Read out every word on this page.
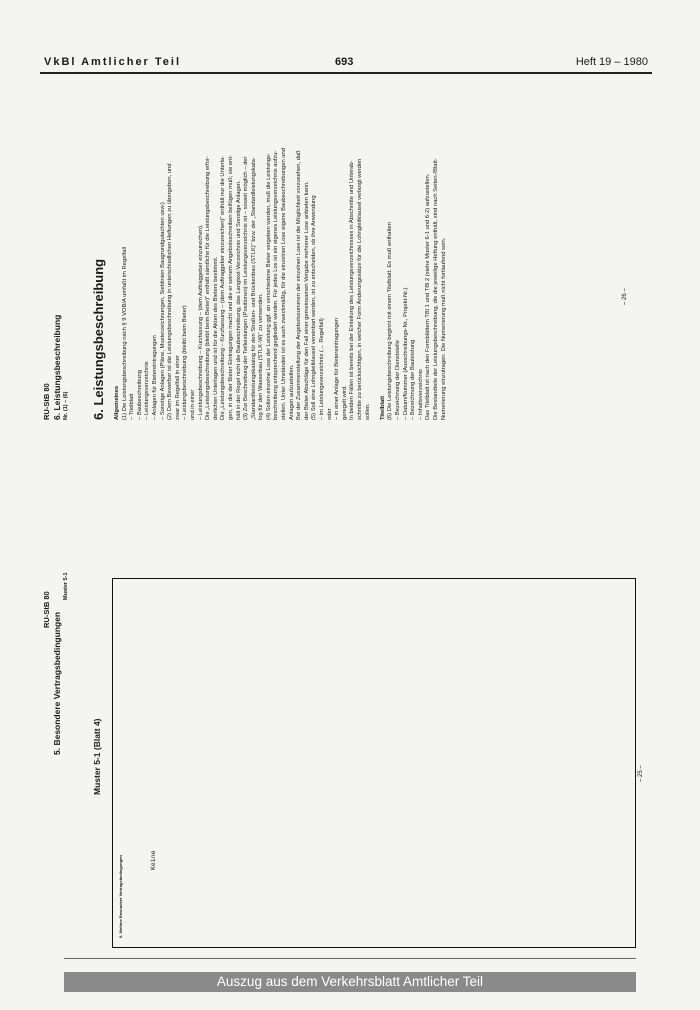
VkBl Amtlicher Teil	693	Heft 19 – 1980
RU-StB 80
5. Besondere Vertragsbedingungen
Muster 5-1
Muster 5-1 (Blatt 4)
6. Weitere Besondere Vertragsbedingungen	Keine
– 25 –
RU-StB 80 6. Leistungsbeschreibung Nr. (1) – (6) 6. Leistungsbeschreibung Allgemeines (1) Die Leistungsbeschreibung nach § 9 VOB/A umfaßt im Regelfall – Titelblatt – Baubeschreibung – Leistungsverzeichnis – Anlagen für Bietereintragungen – Sonstige Anlagen (Pläne, Musterzeichnungen, Sieblinien Baugrundgutachten usw.) (2) Dem Bewerber ist die Leistungsbeschreibung in unterschiedlichen Heftungen zu übergeben, und zwar im Regelfall in einer – Leistungsbeschreibung (bleibt beim Bieter) und in einer – Leistungsbeschreibung – Kurzfassung – (dem Auftraggeber einzureichen). Die „Leistungsbeschreibung (bleibt beim Bieter)" enthält sämtliche für die Leistungsbeschreibung erfor- derlichen Unterlagen und ist für die Akten des Bieters bestimmt. Die „Leistungsbeschreibung – Kurzfassung – (dem Auftraggeber einzureichen)" enthält nur die Unterla- gen, in die der Bieter Eintragungen macht und die er seinem Angebotsschreiben beifügen muß; sie ent- hält in der Regel nicht die Baubeschreibung, das Langtext-Verzeichnis und Sonstige Anlagen. (3) Zur Beschreibung der Teilleistungen (Positionen) im Leistungsverzeichnis ist – soweit möglich – der „Standardleistungskatalog für den Straßen- und Brückenbau (STLK)" bzw. der „Standardleistungskata- log für den Wasserbau (STLK-W)" zu verwenden. (4) Sollen einzelne Lose der Leistung ggf. an verschiedene Bieter vergeben werden, muß die Leistungs- beschreibung entsprechend gegliedert werden. Für jedes Los ist ein eigenes Leistungsverzeichnis aufzu- stellen. Unter Umständen ist es auch zweckmäßig, für die einzelnen Lose eigene Baubeschreibungen und Anlagen aufzustellen. Bei der Zusammenstellung der Angebotssummen der einzelnen Lose ist die Möglichkeit vorzusehen, daß der Bieter Abschläge für den Fall einer gemeinsamen Vergabe mehrerer Lose anbieten kann. (5) Soll eine Lohngleitklausel vereinbart werden, ist zu entscheiden, ob ihre Anwendung – im Leistungsverzeichnis (→ Regelfall) oder – in einer Anlage für Bietereintragungen geregelt wird. In beiden Fällen ist bereits bei der Einteilung des Leistungsverzeichnisses in Abschnitte und Unterab- schnitte zu berücksichtigen, in welcher Form Änderungssätze für die Lohngleitklausel verlangt werden sollen.

Titelblatt (6) Die Leistungsbeschreibung beginnt mit einem Titelblatt. Es muß enthalten – Bezeichnung der Dienststelle – Datum/Nummer (Ausschreibungs-Nr., Projekt-Nr.) – Bezeichnung der Bauleistung – Inhaltsverzeichnis Das Titelblatt ist nach den Formblättern TBl 1 und TBl 2 (siehe Muster 6-1 und 6-2) aufzustellen. Die Bestandteile der Leistungsbeschreibung, die die jeweilige Heftung enthält, sind nach Seiten-/Blatt- Numerierung einzutragen. Die Numerierung muß nicht fortlaufend sein.	– 26 –
Auszug aus dem Verkehrsblatt Amtlicher Teil
